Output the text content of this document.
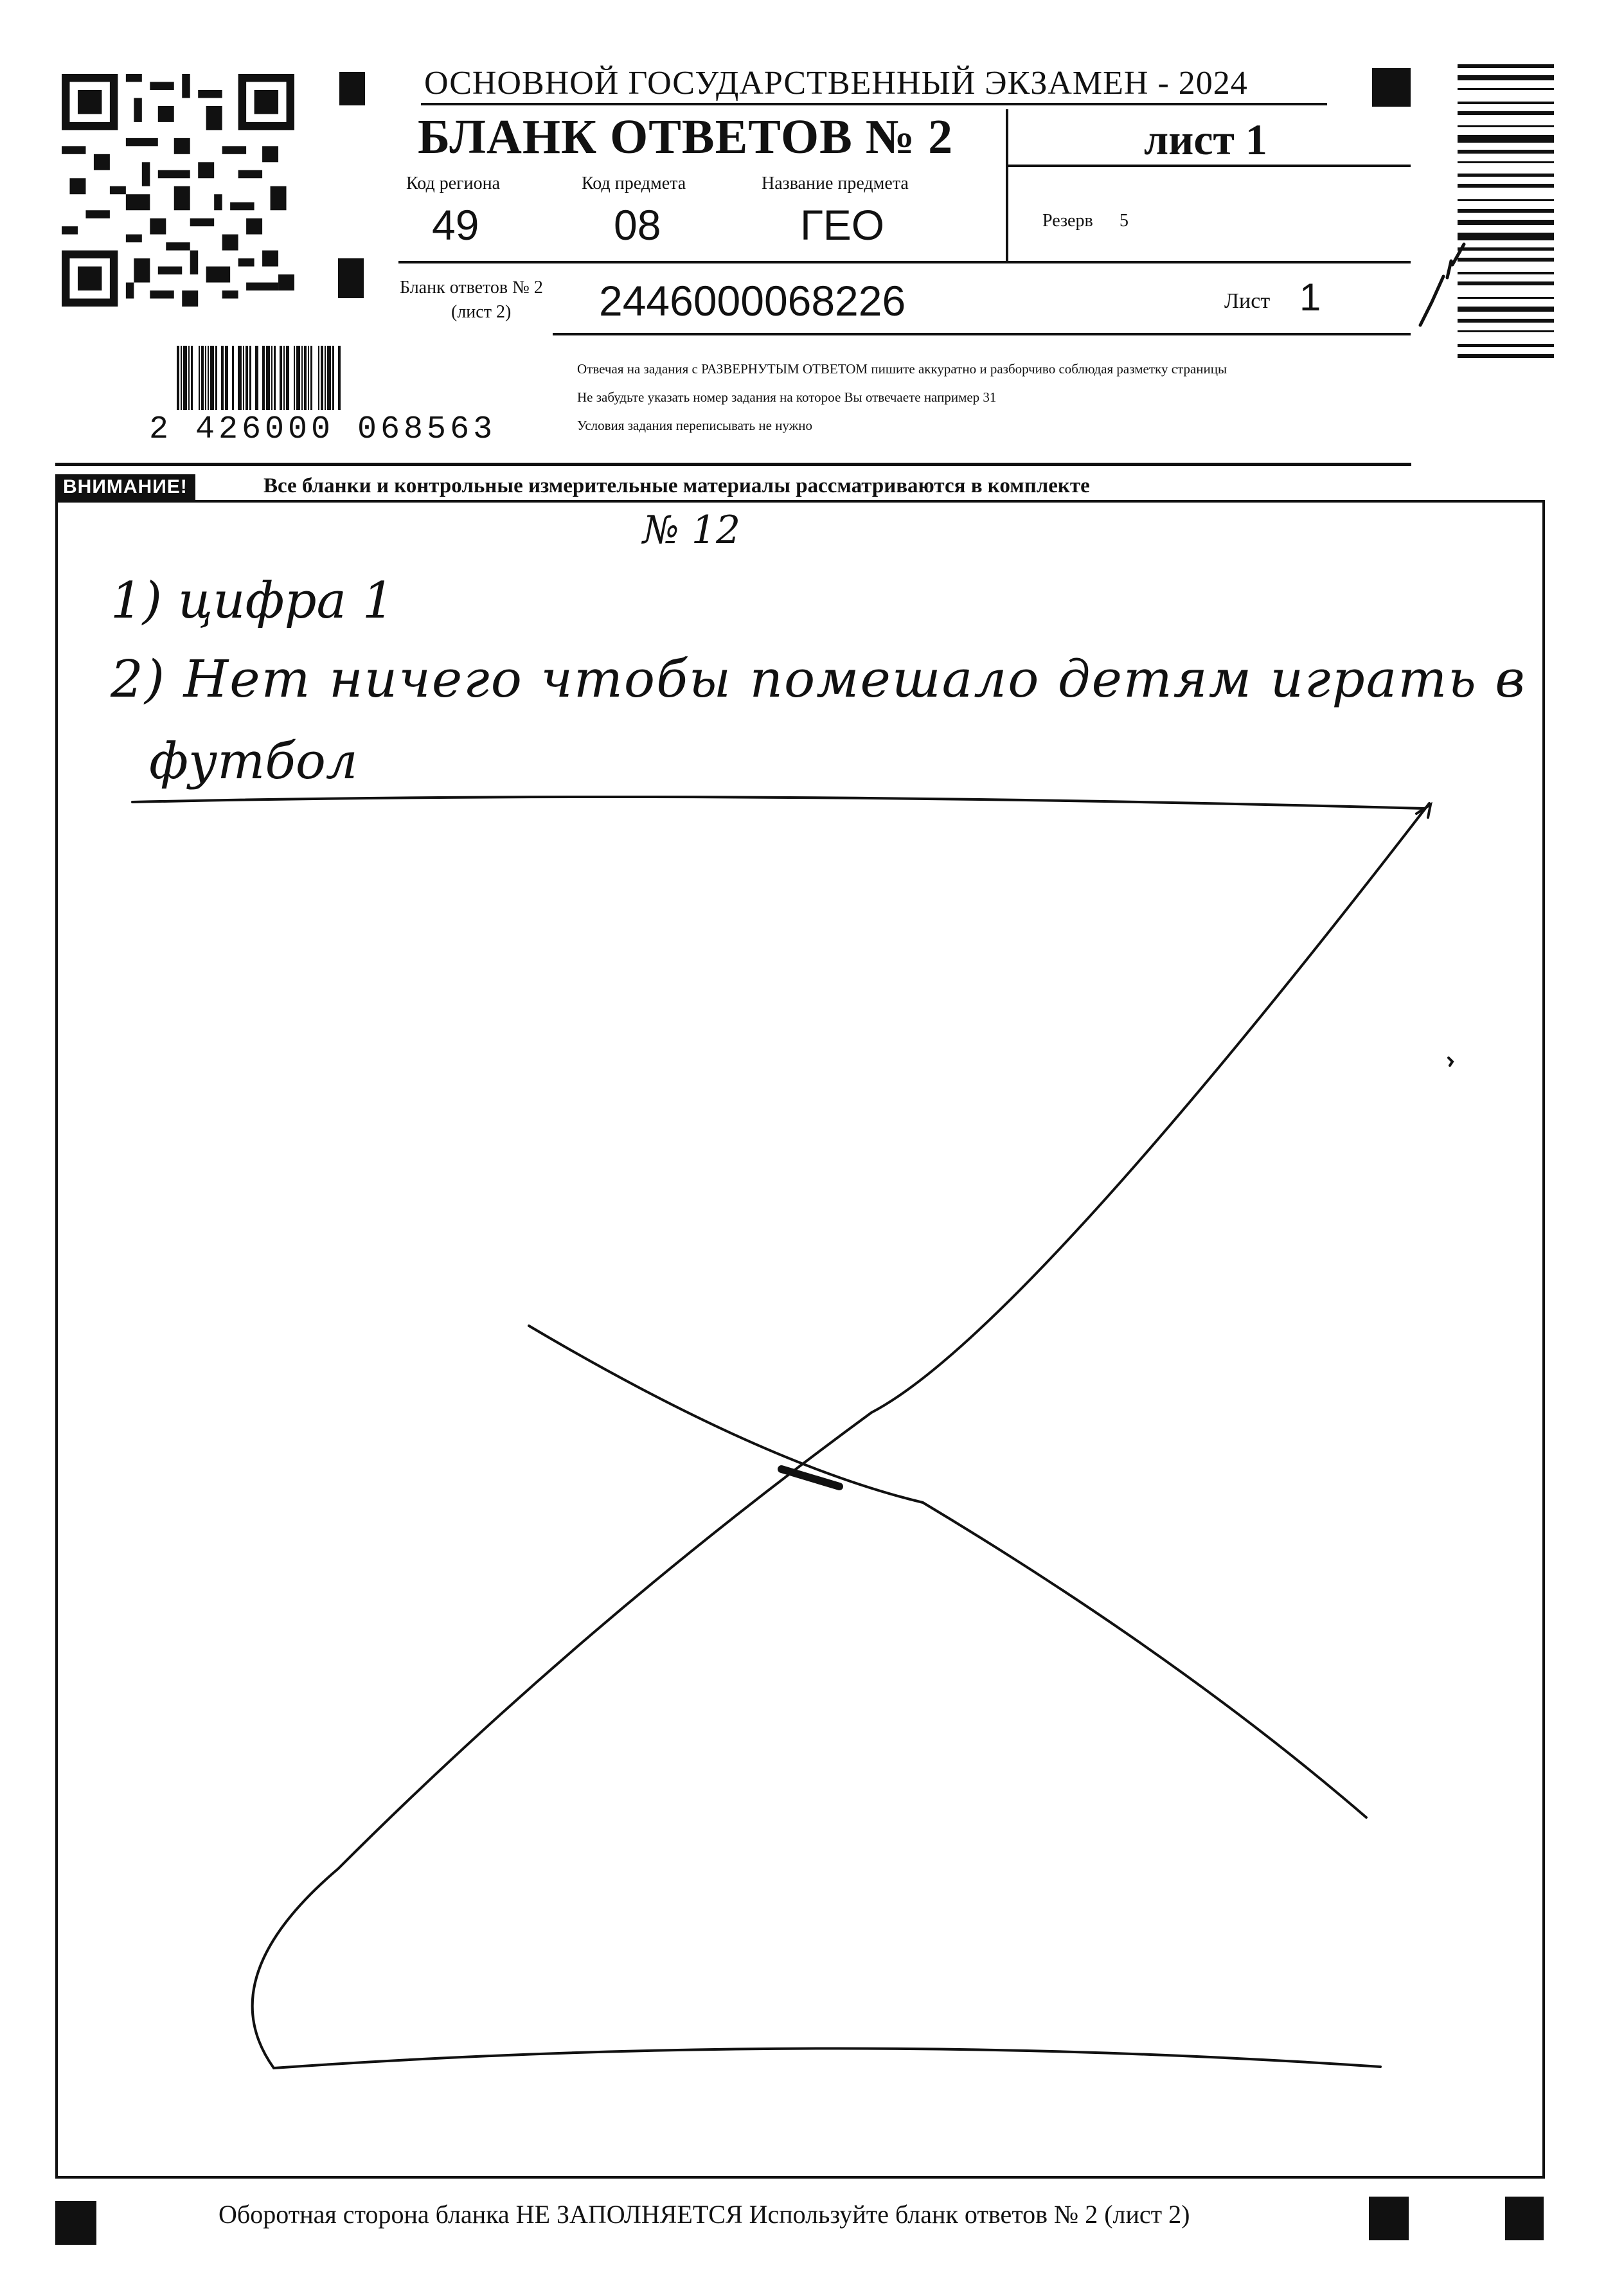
ОСНОВНОЙ ГОСУДАРСТВЕННЫЙ ЭКЗАМЕН - 2024
БЛАНК ОТВЕТОВ № 2	лист 1
Код региона
49
Код предмета
08
Название предмета
ГЕО	Резерв 5
Бланк ответов № 2
(лист 2) 2446000068226	Лист 1
2 426000 068563
Отвечая на задания с РАЗВЕРНУТЫМ ОТВЕТОМ пишите аккуратно и разборчиво соблюдая разметку страницы
Не забудьте указать номер задания на которое Вы отвечаете например 31
Условия задания переписывать не нужно
ВНИМАНИЕ!	Все бланки и контрольные измерительные материалы рассматриваются в комплекте
№ 12
1) цифра 1
2) Нет ничего чтобы помешало детям играть в
футбол
Оборотная сторона бланка НЕ ЗАПОЛНЯЕТСЯ Используйте бланк ответов № 2 (лист 2)
